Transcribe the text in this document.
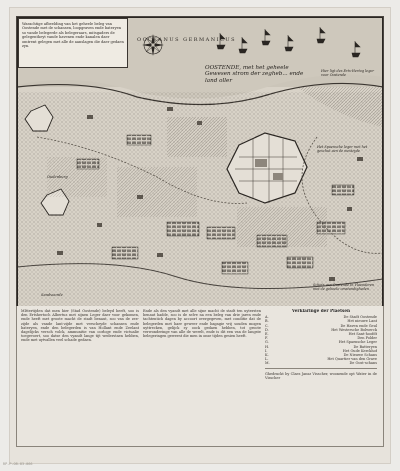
Warachtige afbeelding van het geheele beleg van Oostende met de schansen, loopgraven ende bateryen so vande belegerde als belegeraars, mitsgaders de gelegentheyt vande havenen ende kanalen daer omtrent gelegen met alle de aanslagen die daer gedaen zyn.
OCCEANUS GERMANICUS
OOSTENDE, met het geheele
Gewesen strom der zegheb... ende
land oller
Hier ligt des Erts-Hertog leger voor Oostende
Het Spaensche leger met het geschut aen de westzyde
Schets van Oostende in Vlaenderen met de geheele omstandigheden
Oudenburg
Sandvoorde

MIttertijden dat men hier (Stad Oostende) beleyd heeft, soo is den Ertshertoch Albertus met sijnen Leger daer voor gekomen, ende heeft met groote macht de stadt benaut, soo van de zee-zijde als vande lant-zijde met verscheyde schansen ende bateryen, ende den belegerden is van Hollant ende Zeelant dagelijcks versch volck, ammunitie van oorloge ende victualie toegevoert, soo datse den vyandt lange tijt wederstaen hebben, ende met uytvallen veel schade gedaen.

Ende als den vyandt met alle sijne macht de stadt ten uytersten benaut hadde, soo is de selve na een beleg van drie jaren ende tachtentich dagen by accoort overgegeven, met conditie dat de belegerden met haer geweer ende bagagie vrij souden mogen uyttrecken, gelijck sy oock gedaen hebben, tot groote verwonderinge van alle de werelt, ende is dit een van de langste belegeringen geweest die men in onse tijden gesien heeft.

Verklaringe der Plaetsen
A.	De Stadt Oostende
B.	Het nieuwe Lant
C.	De Haven ende Geul
D.	Het Westersche Bolwerck
E.	Het Sant-hoofdt
F.	Den Polder
G.	Het Spaensche Leger
H.	De Batteryen
I.	Het Oude Kerckhof
K.	De Nieuwe Schans
L.	Het Quartier van den Grave
M.	De Oost-schans
Ghedruckt by Claes Jansz Visscher, woonende opt Water in de Visscher
RP-P-OB-83.066
